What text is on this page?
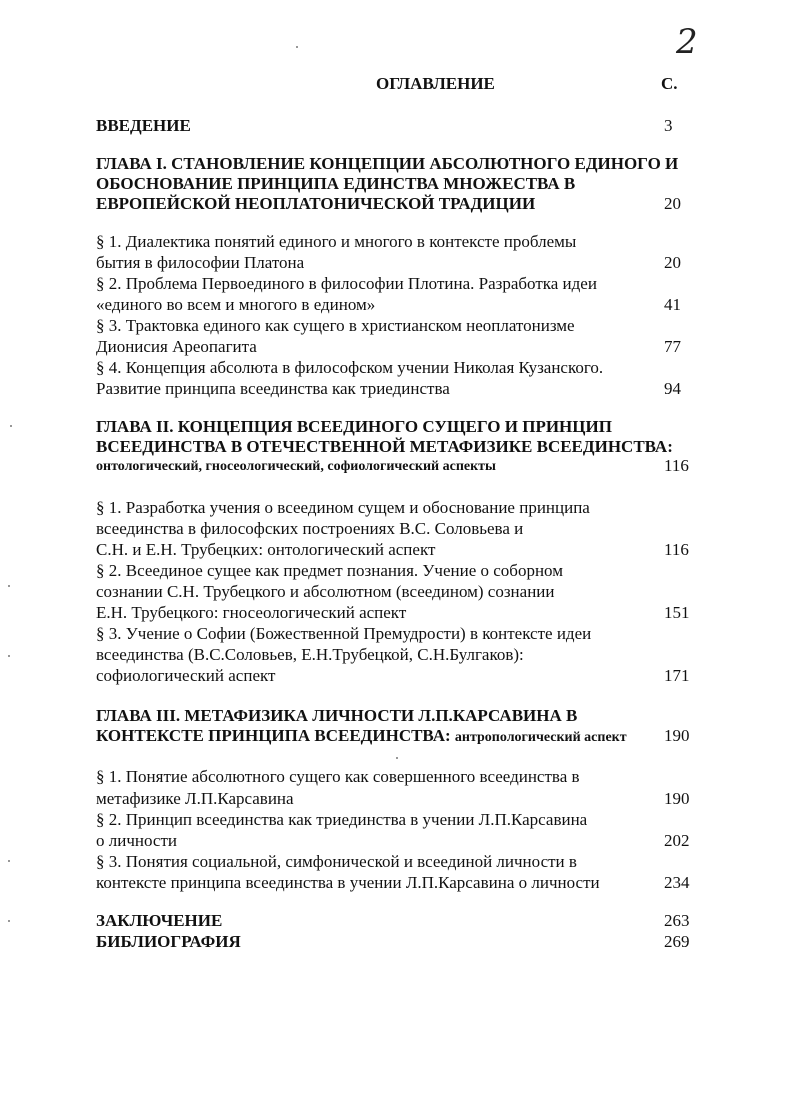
2
ОГЛАВЛЕНИЕ	С.
ВВЕДЕНИЕ	3
ГЛАВА I. СТАНОВЛЕНИЕ КОНЦЕПЦИИ АБСОЛЮТНОГО ЕДИНОГО И
ОБОСНОВАНИЕ ПРИНЦИПА ЕДИНСТВА МНОЖЕСТВА В
ЕВРОПЕЙСКОЙ НЕОПЛАТОНИЧЕСКОЙ ТРАДИЦИИ	20
§ 1. Диалектика понятий единого и многого в контексте проблемы
бытия в философии Платона	20
§ 2. Проблема Первоединого в философии Плотина. Разработка идеи
«единого во всем и многого в едином»	41
§ 3. Трактовка единого как сущего в христианском неоплатонизме
Дионисия Ареопагита	77
§ 4. Концепция абсолюта в философском учении Николая Кузанского.
Развитие принципа всеединства как триединства	94
ГЛАВА II. КОНЦЕПЦИЯ ВСЕЕДИНОГО СУЩЕГО И ПРИНЦИП
ВСЕЕДИНСТВА В ОТЕЧЕСТВЕННОЙ МЕТАФИЗИКЕ ВСЕЕДИНСТВА:
онтологический, гносеологический, софиологический аспекты	116
§ 1. Разработка учения о всеедином сущем и обоснование принципа
всеединства в философских построениях В.С. Соловьева и
С.Н. и Е.Н. Трубецких: онтологический аспект	116
§ 2. Всеединое сущее как предмет познания. Учение о соборном
сознании С.Н. Трубецкого и абсолютном (всеедином) сознании
Е.Н. Трубецкого: гносеологический аспект	151
§ 3. Учение о Софии (Божественной Премудрости) в контексте идеи
всеединства (В.С.Соловьев, Е.Н.Трубецкой, С.Н.Булгаков):
софиологический аспект	171
ГЛАВА III. МЕТАФИЗИКА ЛИЧНОСТИ Л.П.КАРСАВИНА В
КОНТЕКСТЕ ПРИНЦИПА ВСЕЕДИНСТВА: антропологический аспект 190
§ 1. Понятие абсолютного сущего как совершенного всеединства в
метафизике Л.П.Карсавина	190
§ 2. Принцип всеединства как триединства в учении Л.П.Карсавина
о личности	202
§ 3. Понятия социальной, симфонической и всеединой личности в
контексте принципа всеединства в учении Л.П.Карсавина о личности	234
ЗАКЛЮЧЕНИЕ	263
БИБЛИОГРАФИЯ	269
